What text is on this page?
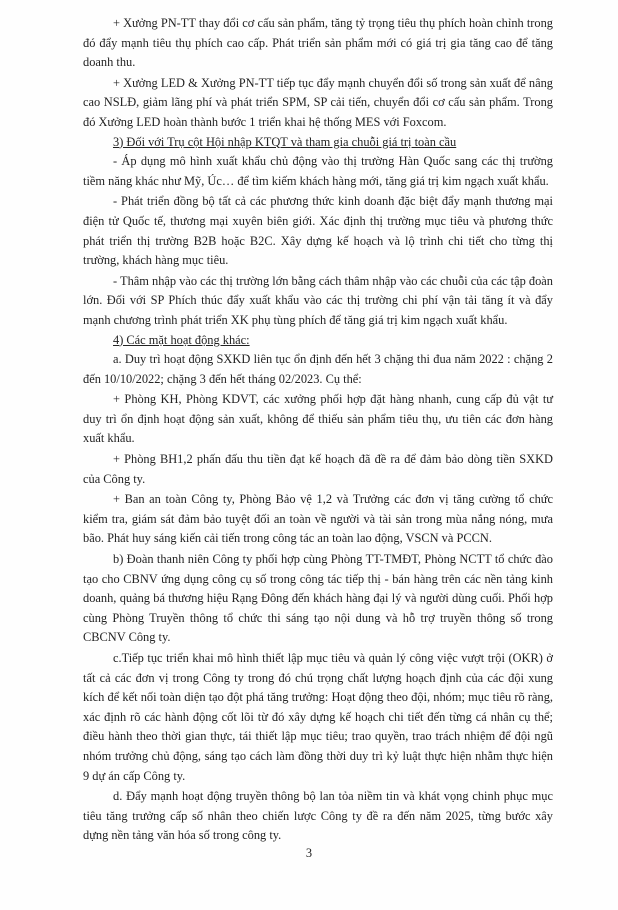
+ Xưởng PN-TT thay đổi cơ cấu sản phẩm, tăng tỷ trọng tiêu thụ phích hoàn chỉnh trong đó đẩy mạnh tiêu thụ phích cao cấp. Phát triển sản phẩm mới có giá trị gia tăng cao để tăng doanh thu.

+ Xưởng LED & Xưởng PN-TT tiếp tục đẩy mạnh chuyển đổi số trong sản xuất để nâng cao NSLĐ, giảm lãng phí và phát triển SPM, SP cải tiến, chuyển đổi cơ cấu sản phẩm. Trong đó Xưởng LED hoàn thành bước 1 triển khai hệ thống MES với Foxcom.

3) Đối với Trụ cột Hội nhập KTQT và tham gia chuỗi giá trị toàn cầu

- Áp dụng mô hình xuất khẩu chủ động vào thị trường Hàn Quốc sang các thị trường tiềm năng khác như Mỹ, Úc… để tìm kiếm khách hàng mới, tăng giá trị kim ngạch xuất khẩu.

- Phát triển đồng bộ tất cả các phương thức kinh doanh đặc biệt đẩy mạnh thương mại điện tử Quốc tế, thương mại xuyên biên giới. Xác định thị trường mục tiêu và phương thức phát triển thị trường B2B hoặc B2C. Xây dựng kế hoạch và lộ trình chi tiết cho từng thị trường, khách hàng mục tiêu.

- Thâm nhập vào các thị trường lớn bằng cách thâm nhập vào các chuỗi của các tập đoàn lớn. Đối với SP Phích thúc đẩy xuất khẩu vào các thị trường chi phí vận tải tăng ít và đẩy mạnh chương trình phát triển XK phụ tùng phích để tăng giá trị kim ngạch xuất khẩu.

4) Các mặt hoạt động khác:

a. Duy trì hoạt động SXKD liên tục ổn định đến hết 3 chặng thi đua năm 2022 : chặng 2 đến 10/10/2022; chặng 3 đến hết tháng 02/2023. Cụ thể:

+ Phòng KH, Phòng KDVT, các xưởng phối hợp đặt hàng nhanh, cung cấp đủ vật tư duy trì ổn định hoạt động sản xuất, không để thiếu sản phẩm tiêu thụ, ưu tiên các đơn hàng xuất khẩu.

+ Phòng BH1,2 phấn đấu thu tiền đạt kế hoạch đã đề ra để đảm bảo dòng tiền SXKD của Công ty.

+ Ban an toàn Công ty, Phòng Bảo vệ 1,2 và Trưởng các đơn vị tăng cường tổ chức kiểm tra, giám sát đảm bảo tuyệt đối an toàn về người và tài sản trong mùa nắng nóng, mưa bão. Phát huy sáng kiến cải tiến trong công tác an toàn lao động, VSCN và PCCN.

b) Đoàn thanh niên Công ty phối hợp cùng Phòng TT-TMĐT, Phòng NCTT tổ chức đào tạo cho CBNV ứng dụng công cụ số trong công tác tiếp thị - bán hàng trên các nền tảng kinh doanh, quảng bá thương hiệu Rạng Đông đến khách hàng đại lý và người dùng cuối. Phối hợp cùng Phòng Truyền thông tổ chức thi sáng tạo nội dung và hỗ trợ truyền thông số trong CBCNV Công ty.

c.Tiếp tục triển khai mô hình thiết lập mục tiêu và quản lý công việc vượt trội (OKR) ở tất cả các đơn vị trong Công ty trong đó chú trọng chất lượng hoạch định của các đội xung kích để kết nối toàn diện tạo đột phá tăng trưởng: Hoạt động theo đội, nhóm; mục tiêu rõ ràng, xác định rõ các hành động cốt lõi từ đó xây dựng kế hoạch chi tiết đến từng cá nhân cụ thể; điều hành theo thời gian thực, tái thiết lập mục tiêu; trao quyền, trao trách nhiệm để đội ngũ nhóm trưởng chủ động, sáng tạo cách làm đồng thời duy trì kỷ luật thực hiện nhằm thực hiện 9 dự án cấp Công ty.

d. Đẩy mạnh hoạt động truyền thông bộ lan tỏa niềm tin và khát vọng chinh phục mục tiêu tăng trưởng cấp số nhân theo chiến lược Công ty đề ra đến năm 2025, từng bước xây dựng nền tảng văn hóa số trong công ty.

3
